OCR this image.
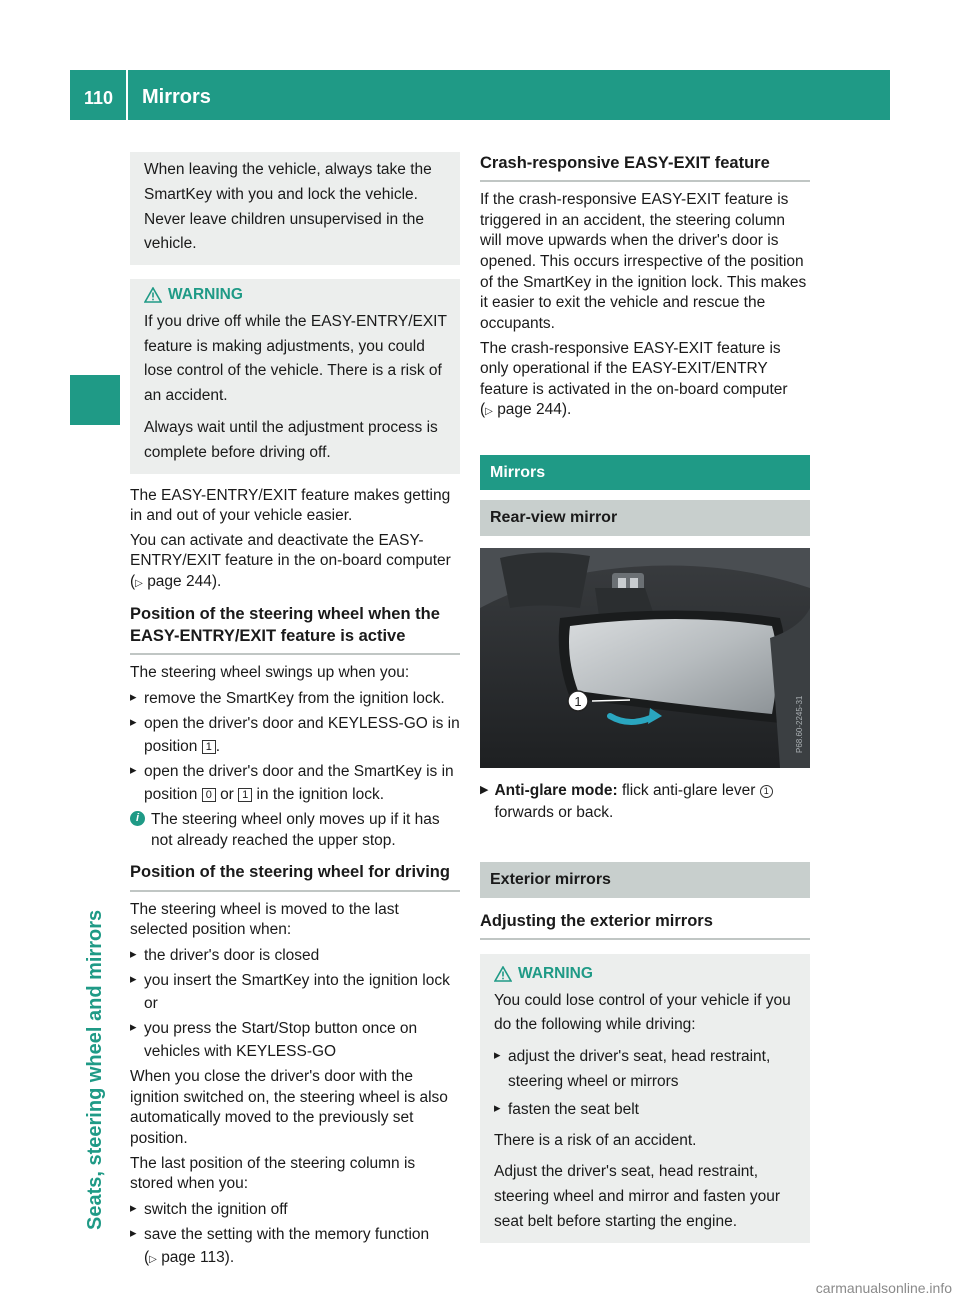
110 Mirrors
Seats, steering wheel and mirrors

When leaving the vehicle, always take the SmartKey with you and lock the vehicle. Never leave children unsupervised in the vehicle.

WARNING

If you drive off while the EASY-ENTRY/EXIT feature is making adjustments, you could lose control of the vehicle. There is a risk of an accident.

Always wait until the adjustment process is complete before driving off.

The EASY-ENTRY/EXIT feature makes getting in and out of your vehicle easier.

You can activate and deactivate the EASY-ENTRY/EXIT feature in the on-board computer (▷ page 244).

Position of the steering wheel when the EASY-ENTRY/EXIT feature is active

The steering wheel swings up when you:

▸ remove the SmartKey from the ignition lock.
▸ open the driver's door and KEYLESS-GO is in position 1 .
▸ open the driver's door and the SmartKey is in position 0 or 1 in the ignition lock.
i The steering wheel only moves up if it has not already reached the upper stop.
Position of the steering wheel for driving

The steering wheel is moved to the last selected position when:

▸ the driver's door is closed
▸ you insert the SmartKey into the ignition lock
or
▸ you press the Start/Stop button once on vehicles with KEYLESS-GO

When you close the driver's door with the ignition switched on, the steering wheel is also automatically moved to the previously set position.

The last position of the steering column is stored when you:

▸ switch the ignition off
▸ save the setting with the memory function
(▷ page 113).
Crash-responsive EASY-EXIT feature

If the crash-responsive EASY-EXIT feature is triggered in an accident, the steering column will move upwards when the driver's door is opened. This occurs irrespective of the position of the SmartKey in the ignition lock. This makes it easier to exit the vehicle and rescue the occupants.

The crash-responsive EASY-EXIT feature is only operational if the EASY-EXIT/ENTRY feature is activated in the on-board computer
(▷ page 244).

Mirrors
Rear-view mirror
1	P68.60-2245-31
▶ Anti-glare mode: flick anti-glare lever 1 forwards or back.
Exterior mirrors
Adjusting the exterior mirrors
WARNING

You could lose control of your vehicle if you do the following while driving:

▸ adjust the driver's seat, head restraint, steering wheel or mirrors
▸ fasten the seat belt

There is a risk of an accident.

Adjust the driver's seat, head restraint, steering wheel and mirror and fasten your seat belt before starting the engine.

carmanualsonline.info
